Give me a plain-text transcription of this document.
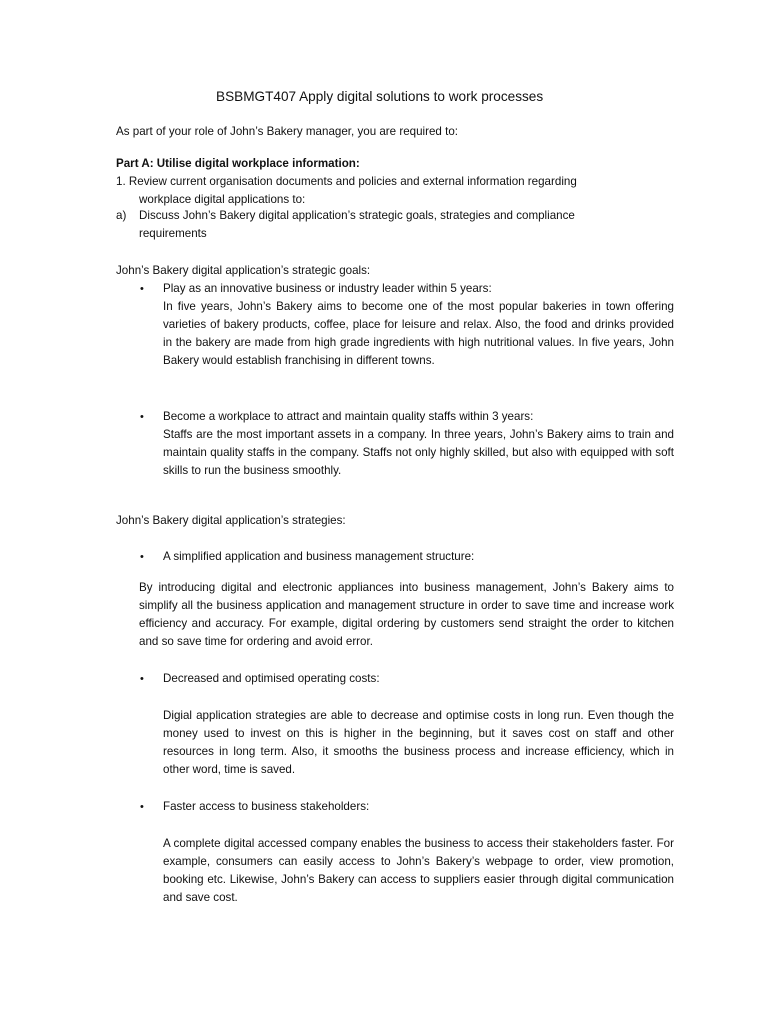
BSBMGT407 Apply digital solutions to work processes

As part of your role of John’s Bakery manager, you are required to:

Part A: Utilise digital workplace information:

1. Review current organisation documents and policies and external information regarding

workplace digital applications to:

a) Discuss John’s Bakery digital application’s strategic goals, strategies and compliance

requirements

John’s Bakery digital application’s strategic goals:

• Play as an innovative business or industry leader within 5 years:

In five years, John’s Bakery aims to become one of the most popular bakeries in town offering varieties of bakery products, coffee, place for leisure and relax. Also, the food and drinks provided in the bakery are made from high grade ingredients with high nutritional values. In five years, John Bakery would establish franchising in different towns.

• Become a workplace to attract and maintain quality staffs within 3 years:

Staffs are the most important assets in a company. In three years, John’s Bakery aims to train and maintain quality staffs in the company. Staffs not only highly skilled, but also with equipped with soft skills to run the business smoothly.

John’s Bakery digital application’s strategies:

• A simplified application and business management structure:

By introducing digital and electronic appliances into business management, John’s Bakery aims to simplify all the business application and management structure in order to save time and increase work efficiency and accuracy. For example, digital ordering by customers send straight the order to kitchen and so save time for ordering and avoid error.

• Decreased and optimised operating costs:

Digial application strategies are able to decrease and optimise costs in long run. Even though the money used to invest on this is higher in the beginning, but it saves cost on staff and other resources in long term. Also, it smooths the business process and increase efficiency, which in other word, time is saved.

• Faster access to business stakeholders:

A complete digital accessed company enables the business to access their stakeholders faster. For example, consumers can easily access to John’s Bakery’s webpage to order, view promotion, booking etc. Likewise, John’s Bakery can access to suppliers easier through digital communication and save cost.
